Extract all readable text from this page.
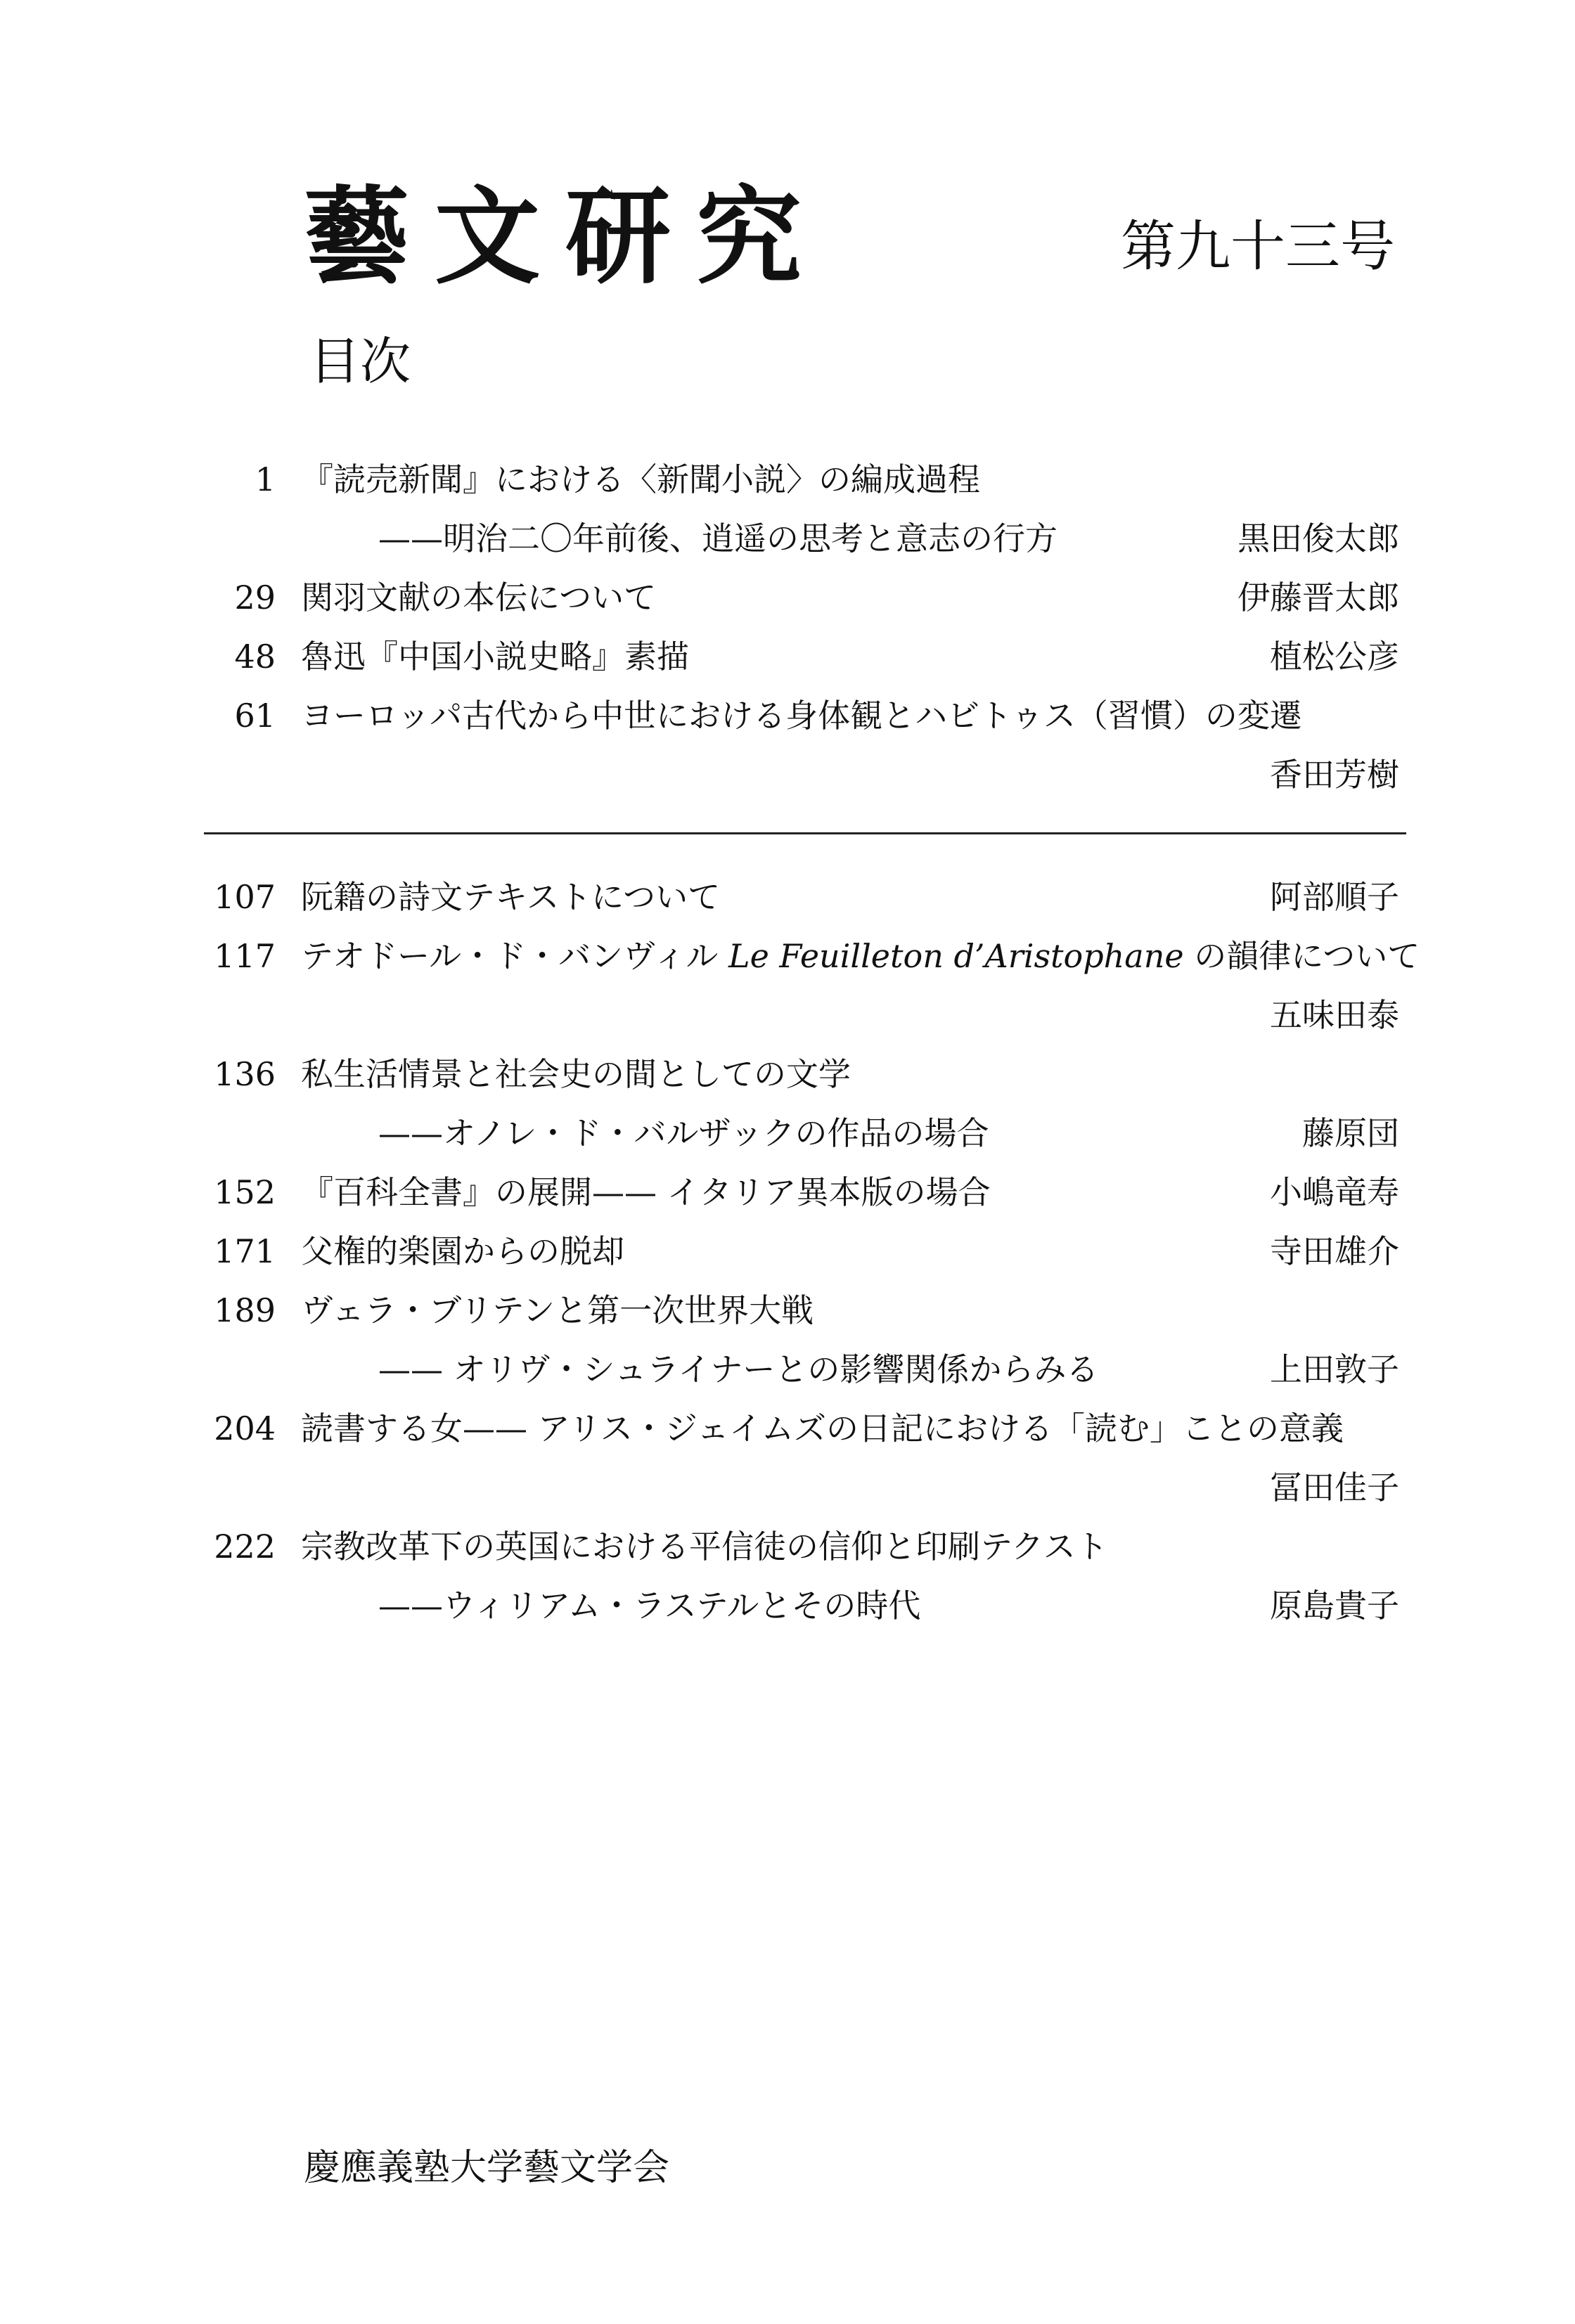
藝文研究	第九十三号
目次
1 『読売新聞』における〈新聞小説〉の編成過程
——明治二〇年前後、逍遥の思考と意志の行方	黒田俊太郎
29 関羽文献の本伝について	伊藤晋太郎
48 魯迅『中国小説史略』素描	植松公彦
61 ヨーロッパ古代から中世における身体観とハビトゥス（習慣）の変遷
香田芳樹
107 阮籍の詩文テキストについて	阿部順子
117 テオドール・ド・バンヴィル Le Feuilleton d’Aristophane の韻律について
五味田泰
136 私生活情景と社会史の間としての文学
——オノレ・ド・バルザックの作品の場合	藤原団
152 『百科全書』の展開—— イタリア異本版の場合	小嶋竜寿
171 父権的楽園からの脱却	寺田雄介
189 ヴェラ・ブリテンと第一次世界大戦
—— オリヴ・シュライナーとの影響関係からみる	上田敦子
204 読書する女—— アリス・ジェイムズの日記における「読む」ことの意義
冨田佳子
222 宗教改革下の英国における平信徒の信仰と印刷テクスト
——ウィリアム・ラステルとその時代	原島貴子
慶應義塾大学藝文学会
